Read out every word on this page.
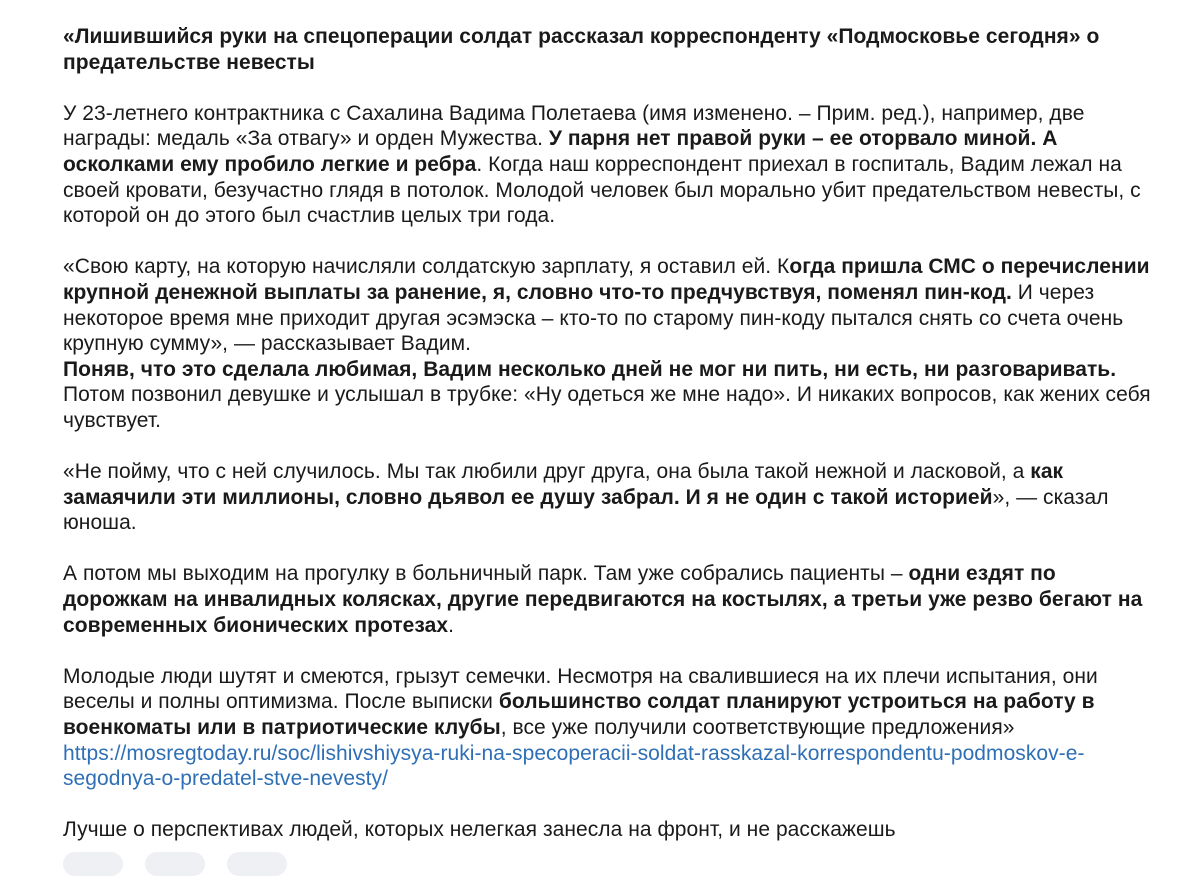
«Лишившийся руки на спецоперации солдат рассказал корреспонденту «Подмосковье сегодня» о предательстве невесты

У 23-летнего контрактника с Сахалина Вадима Полетаева (имя изменено. – Прим. ред.), например, две награды: медаль «За отвагу» и орден Мужества. У парня нет правой руки – ее оторвало миной. А осколками ему пробило легкие и ребра. Когда наш корреспондент приехал в госпиталь, Вадим лежал на своей кровати, безучастно глядя в потолок. Молодой человек был морально убит предательством невесты, с которой он до этого был счастлив целых три года.

«Свою карту, на которую начисляли солдатскую зарплату, я оставил ей. Когда пришла СМС о перечислении крупной денежной выплаты за ранение, я, словно что-то предчувствуя, поменял пин-код. И через некоторое время мне приходит другая эсэмэска – кто-то по старому пин-коду пытался снять со счета очень крупную сумму», — рассказывает Вадим.

Поняв, что это сделала любимая, Вадим несколько дней не мог ни пить, ни есть, ни разговаривать. Потом позвонил девушке и услышал в трубке: «Ну одеться же мне надо». И никаких вопросов, как жених себя чувствует.

«Не пойму, что с ней случилось. Мы так любили друг друга, она была такой нежной и ласковой, а как замаячили эти миллионы, словно дьявол ее душу забрал. И я не один с такой историей», — сказал юноша.

А потом мы выходим на прогулку в больничный парк. Там уже собрались пациенты – одни ездят по дорожкам на инвалидных колясках, другие передвигаются на костылях, а третьи уже резво бегают на современных бионических протезах.

Молодые люди шутят и смеются, грызут семечки. Несмотря на свалившиеся на их плечи испытания, они веселы и полны оптимизма. После выписки большинство солдат планируют устроиться на работу в военкоматы или в патриотические клубы, все уже получили соответствующие предложения»
https://mosregtoday.ru/soc/lishivshiysya-ruki-na-specoperacii-soldat-rasskazal-korrespondentu-podmoskov-e-segodnya-o-predatel-stve-nevesty/

Лучше о перспективах людей, которых нелегкая занесла на фронт, и не расскажешь
